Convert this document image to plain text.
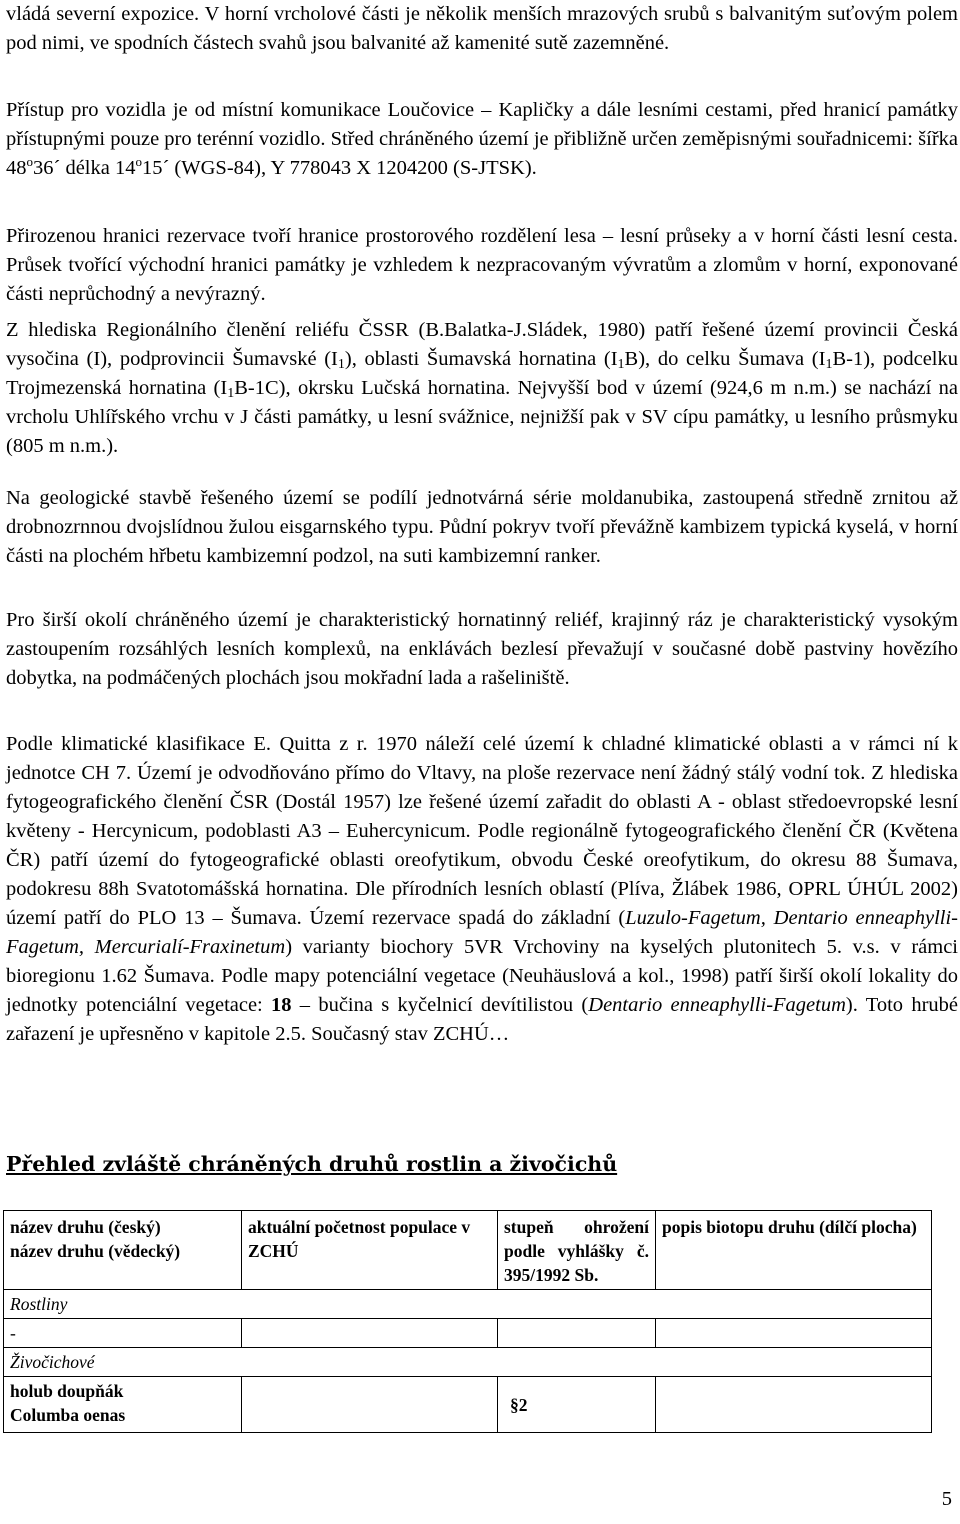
vládá severní expozice. V horní vrcholové části je několik menších mrazových srubů s balvanitým suťovým polem pod nimi, ve spodních částech svahů jsou balvanité až kamenité sutě zazemněné.

Přístup pro vozidla je od místní komunikace Loučovice – Kapličky a dále lesními cestami, před hranicí památky přístupnými pouze pro terénní vozidlo. Střed chráněného území je přibližně určen zeměpisnými souřadnicemi: šířka 48$^o$36´ délka 14$^o$15´ (WGS-84), Y 778043 X 1204200 (S-JTSK).

Přirozenou hranici rezervace tvoří hranice prostorového rozdělení lesa – lesní průseky a v horní části lesní cesta. Průsek tvořící východní hranici památky je vzhledem k nezpracovaným vývratům a zlomům v horní, exponované části neprůchodný a nevýrazný.

Z hlediska Regionálního členění reliéfu ČSSR (B.Balatka-J.Sládek, 1980) patří řešené území provincii Česká vysočina (I), podprovincii Šumavské $(I_1)$, oblasti Šumavská hornatina $(I_1B)$, do celku Šumava $(I_1B-1)$, podcelku Trojmezenská hornatina $(I_1B-1C)$, okrsku Lučská hornatina. Nejvyšší bod v území (924,6 m n.m.) se nachází na vrcholu Uhlířského vrchu v J části památky, u lesní svážnice, nejnižší pak v SV cípu památky, u lesního průsmyku (805 m n.m.).

Na geologické stavbě řešeného území se podílí jednotvárná série moldanubika, zastoupená středně zrnitou až drobnozrnnou dvojslídnou žulou eisgarnského typu. Půdní pokryv tvoří převážně kambizem typická kyselá, v horní části na plochém hřbetu kambizemní podzol, na suti kambizemní ranker.

Pro širší okolí chráněného území je charakteristický hornatinný reliéf, krajinný ráz je charakteristický vysokým zastoupením rozsáhlých lesních komplexů, na enklávách bezlesí převažují v současné době pastviny hovězího dobytka, na podmáčených plochách jsou mokřadní lada a rašeliniště.

Podle klimatické klasifikace E. Quitta z r. 1970 náleží celé území k chladné klimatické oblasti a v rámci ní k jednotce CH 7. Území je odvodňováno přímo do Vltavy, na ploše rezervace není žádný stálý vodní tok. Z hlediska fytogeografického členění ČSR (Dostál 1957) lze řešené území zařadit do oblasti A - oblast středoevropské lesní květeny - Hercynicum, podoblasti A3 – Euhercynicum. Podle regionálně fytogeografického členění ČR (Květena ČR) patří území do fytogeografické oblasti oreofytikum, obvodu České oreofytikum, do okresu 88 Šumava, podokresu 88h Svatotomášská hornatina. Dle přírodních lesních oblastí (Plíva, Žlábek 1986, OPRL ÚHÚL 2002) území patří do PLO 13 – Šumava. Území rezervace spadá do základní (Luzulo-Fagetum, Dentario enneaphylli-Fagetum, Mercurialí-Fraxinetum) varianty biochory 5VR Vrchoviny na kyselých plutonitech 5. v.s. v rámci bioregionu 1.62 Šumava. Podle mapy potenciální vegetace (Neuhäuslová a kol., 1998) patří širší okolí lokality do jednotky potenciální vegetace: 18 – bučina s kyčelnicí devítilistou (Dentario enneaphylli-Fagetum). Toto hrubé zařazení je upřesněno v kapitole 2.5. Současný stav ZCHÚ…

Přehled zvláště chráněných druhů rostlin a živočichů

název druhu (český)
název druhu (vědecký)	aktuální početnost populace v ZCHÚ	stupeň ohrožení podle vyhlášky č. 395/1992 Sb.	popis biotopu druhu (dílčí plocha)
Rostliny			
-			
Živočichové			

holub doupňák
Columba oenas		§2	
5
